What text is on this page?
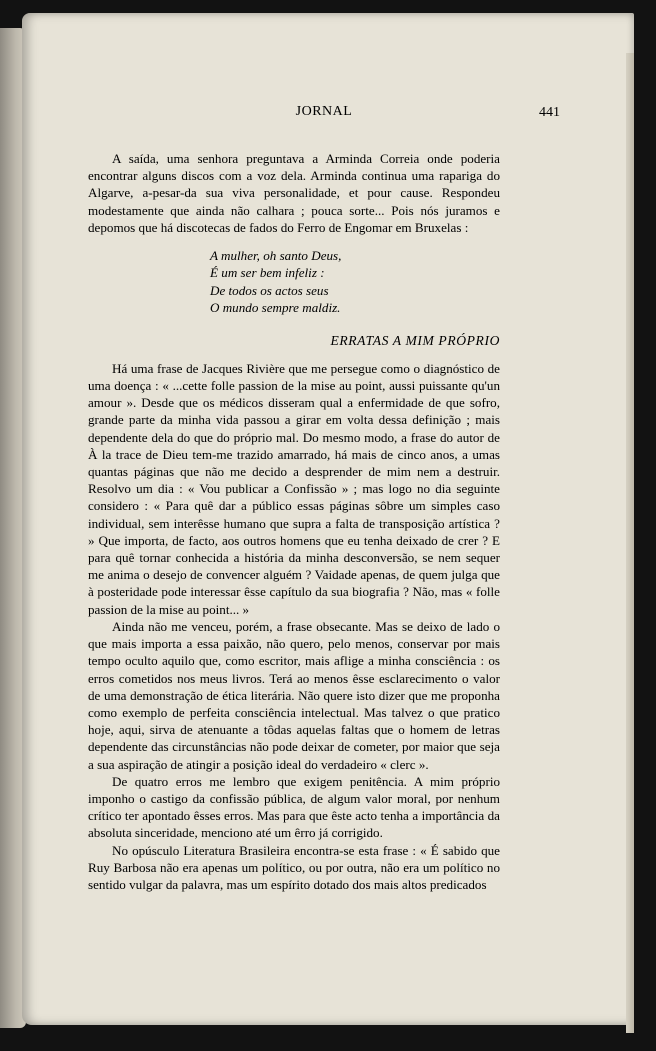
JORNAL	441

A saída, uma senhora preguntava a Arminda Correia onde poderia encontrar alguns discos com a voz dela. Arminda continua uma rapariga do Algarve, a-pesar-da sua viva personalidade, et pour cause. Respondeu modestamente que ainda não calhara ; pouca sorte... Pois nós juramos e depomos que há discotecas de fados do Ferro de Engomar em Bruxelas :

A mulher, oh santo Deus,
É um ser bem infeliz :
De todos os actos seus
O mundo sempre maldiz.
ERRATAS A MIM PRÓPRIO

Há uma frase de Jacques Rivière que me persegue como o diagnóstico de uma doença : « ...cette folle passion de la mise au point, aussi puissante qu'un amour ». Desde que os médicos disseram qual a enfermidade de que sofro, grande parte da minha vida passou a girar em volta dessa definição ; mais dependente dela do que do próprio mal. Do mesmo modo, a frase do autor de À la trace de Dieu tem-me trazido amarrado, há mais de cinco anos, a umas quantas páginas que não me decido a desprender de mim nem a destruir. Resolvo um dia : « Vou publicar a Confissão » ; mas logo no dia seguinte considero : « Para quê dar a público essas páginas sôbre um simples caso individual, sem interêsse humano que supra a falta de transposição artística ? » Que importa, de facto, aos outros homens que eu tenha deixado de crer ? E para quê tornar conhecida a história da minha desconversão, se nem sequer me anima o desejo de convencer alguém ? Vaidade apenas, de quem julga que à posteridade pode interessar êsse capítulo da sua biografia ? Não, mas « folle passion de la mise au point... »

Ainda não me venceu, porém, a frase obsecante. Mas se deixo de lado o que mais importa a essa paixão, não quero, pelo menos, conservar por mais tempo oculto aquilo que, como escritor, mais aflige a minha consciência : os erros cometidos nos meus livros. Terá ao menos êsse esclarecimento o valor de uma demonstração de ética literária. Não quere isto dizer que me proponha como exemplo de perfeita consciência intelectual. Mas talvez o que pratico hoje, aqui, sirva de atenuante a tôdas aquelas faltas que o homem de letras dependente das circunstâncias não pode deixar de cometer, por maior que seja a sua aspiração de atingir a posição ideal do verdadeiro « clerc ».

De quatro erros me lembro que exigem penitência. A mim próprio imponho o castigo da confissão pública, de algum valor moral, por nenhum crítico ter apontado êsses erros. Mas para que êste acto tenha a importância da absoluta sinceridade, menciono até um êrro já corrigido.

No opúsculo Literatura Brasileira encontra-se esta frase : « É sabido que Ruy Barbosa não era apenas um político, ou por outra, não era um político no sentido vulgar da palavra, mas um espírito dotado dos mais altos predicados
